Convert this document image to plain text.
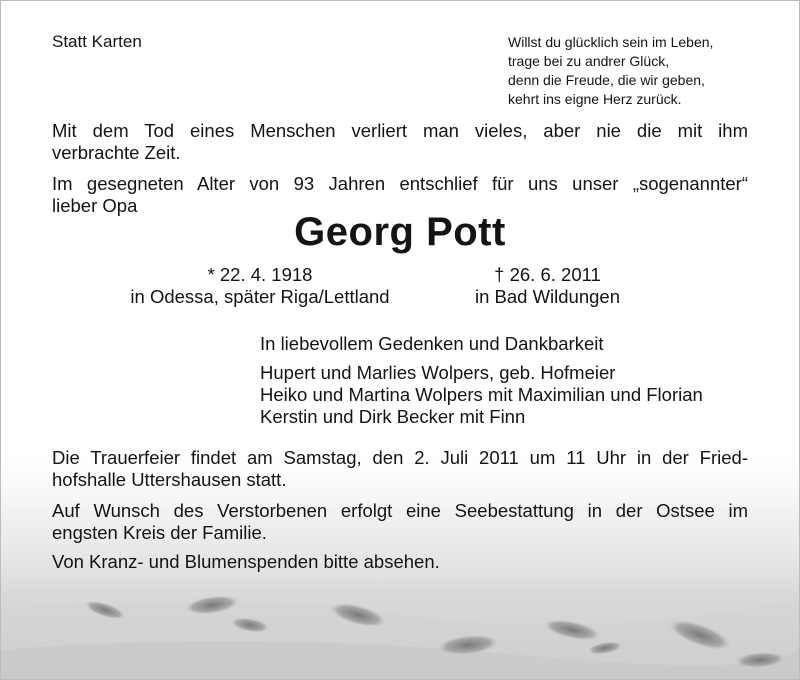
Statt Karten	Willst du glücklich sein im Leben,
trage bei zu andrer Glück,
denn die Freude, die wir geben,
kehrt ins eigne Herz zurück.
Mit dem Tod eines Menschen verliert man vieles, aber nie die mit ihm
verbrachte Zeit.
Im gesegneten Alter von 93 Jahren entschlief für uns unser „sogenannter“
lieber Opa
Georg Pott
* 22. 4. 1918
in Odessa, später Riga/Lettland
† 26. 6. 2011
in Bad Wildungen
In liebevollem Gedenken und Dankbarkeit
Hupert und Marlies Wolpers, geb. Hofmeier
Heiko und Martina Wolpers mit Maximilian und Florian
Kerstin und Dirk Becker mit Finn
Die Trauerfeier findet am Samstag, den 2. Juli 2011 um 11 Uhr in der Fried-
hofshalle Uttershausen statt.
Auf Wunsch des Verstorbenen erfolgt eine Seebestattung in der Ostsee im
engsten Kreis der Familie.
Von Kranz- und Blumenspenden bitte absehen.
